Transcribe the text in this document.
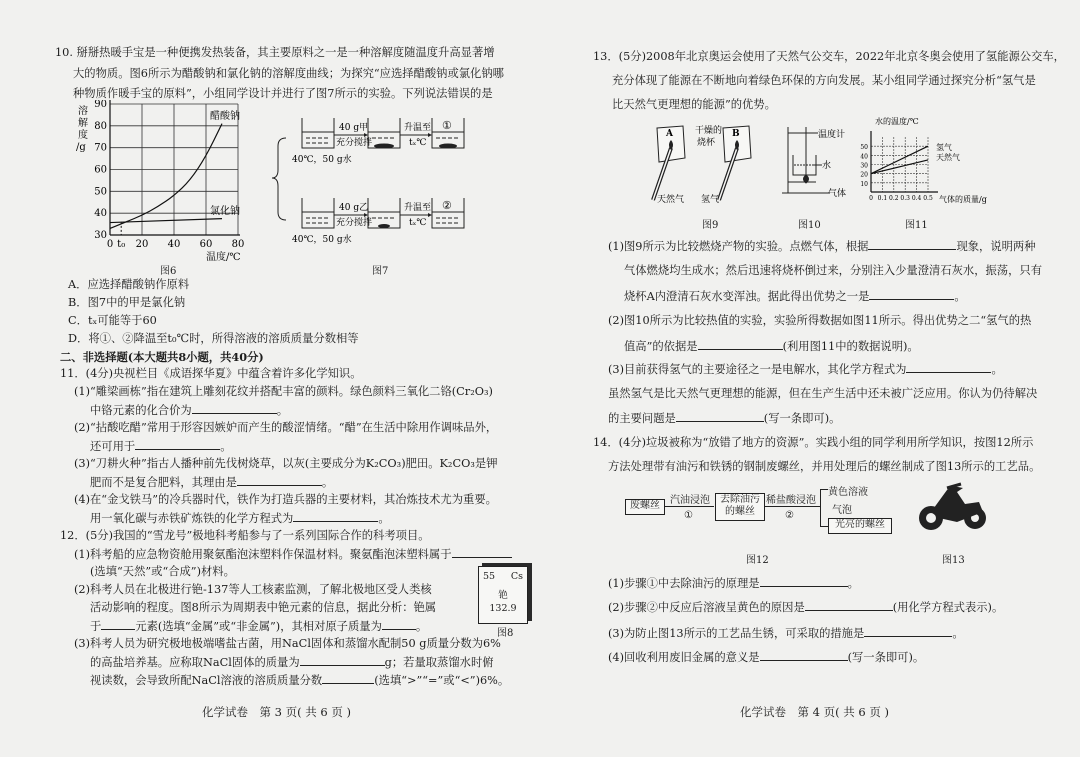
10. 掰掰热暖手宝是一种便携发热装备，其主要原料之一是一种溶解度随温度升高显著增
大的物质。图6所示为醋酸钠和氯化钠的溶解度曲线；为探究“应选择醋酸钠或氯化钠哪
种物质作暖手宝的原料”，小组同学设计并进行了图7所示的实验。下列说法错误的是
30
40
50
60
70
80
90
0 t₀ 20 40 60 80
溶
解
度
/g
醋酸钠
氯化钠
温度/℃
图6
40 g甲
充分搅拌
升温至
tₓ℃
①
40℃，50 g水
40 g乙
充分搅拌
升温至
tₓ℃
②
40℃，50 g水
图7
A．应选择醋酸钠作原料
B．图7中的甲是氯化钠
C．tₓ可能等于60
D．将①、②降温至t₀℃时，所得溶液的溶质质量分数相等
二、非选择题(本大题共8小题，共40分)
11．(4分)央视栏目《成语探华夏》中蕴含着许多化学知识。
(1)“雕梁画栋”指在建筑上雕刻花纹并搭配丰富的颜料。绿色颜料三氧化二铬(Cr₂O₃)
中铬元素的化合价为	。
(2)“拈酸吃醋”常用于形容因嫉妒而产生的酸涩情绪。“醋”在生活中除用作调味品外，
还可用于	。
(3)“刀耕火种”指古人播种前先伐树烧草，以灰(主要成分为K₂CO₃)肥田。K₂CO₃是钾
肥而不是复合肥料，其理由是	。
(4)在“金戈铁马”的冷兵器时代，铁作为打造兵器的主要材料，其冶炼技术尤为重要。
用一氧化碳与赤铁矿炼铁的化学方程式为	。
12．(5分)我国的“雪龙号”极地科考船参与了一系列国际合作的科考项目。
(1)科考船的应急物资舱用聚氨酯泡沫塑料作保温材料。聚氨酯泡沫塑料属于
(选填“天然”或“合成”)材料。
(2)科考人员在北极进行铯-137等人工核素监测，了解北极地区受人类核
活动影响的程度。图8所示为周期表中铯元素的信息，据此分析：铯属
于	元素(选填“金属”或“非金属”)，其相对原子质量为	。
55 Cs
铯
132.9
图8
(3)科考人员为研究极地极端嗜盐古菌，用NaCl固体和蒸馏水配制50 g质量分数为6%
的高盐培养基。应称取NaCl固体的质量为	g；若量取蒸馏水时俯
视读数，会导致所配NaCl溶液的溶质质量分数	(选填“>”“=”或“<”)6%。
化学试卷　第 3 页( 共 6 页 )
13．(5分)2008年北京奥运会使用了天然气公交车，2022年北京冬奥会使用了氢能源公交车，
充分体现了能源在不断地向着绿色环保的方向发展。某小组同学通过探究分析“氢气是
比天然气更理想的能源”的优势。
A	B
干燥的
烧杯
天然气 氢气
图9
温度计
水
气体
图10
10
20
30
40
50
0 0.1 0.2 0.3 0.4 0.5
水的温度/℃
气体的质量/g
氢气
天然气
图11
(1)图9所示为比较燃烧产物的实验。点燃气体，根据	现象，说明两种
气体燃烧均生成水；然后迅速将烧杯倒过来，分别注入少量澄清石灰水，振荡，只有
烧杯A内澄清石灰水变浑浊。据此得出优势之一是	。
(2)图10所示为比较热值的实验，实验所得数据如图11所示。得出优势之二“氢气的热
值高”的依据是	(利用图11中的数据说明)。
(3)目前获得氢气的主要途径之一是电解水，其化学方程式为	。
虽然氢气是比天然气更理想的能源，但在生产生活中还未被广泛应用。你认为仍待解决
的主要问题是	(写一条即可)。
14．(4分)垃圾被称为“放错了地方的资源”。实践小组的同学利用所学知识，按图12所示
方法处理带有油污和铁锈的钢制废螺丝，并用处理后的螺丝制成了图13所示的工艺品。
废螺丝	汽油浸泡
①
去除油污
的螺丝
稀盐酸浸泡
②
黄色溶液
气泡
光亮的螺丝
图12	图13
(1)步骤①中去除油污的原理是	。
(2)步骤②中反应后溶液呈黄色的原因是	(用化学方程式表示)。
(3)为防止图13所示的工艺品生锈，可采取的措施是	。
(4)回收利用废旧金属的意义是	(写一条即可)。
化学试卷　第 4 页( 共 6 页 )
